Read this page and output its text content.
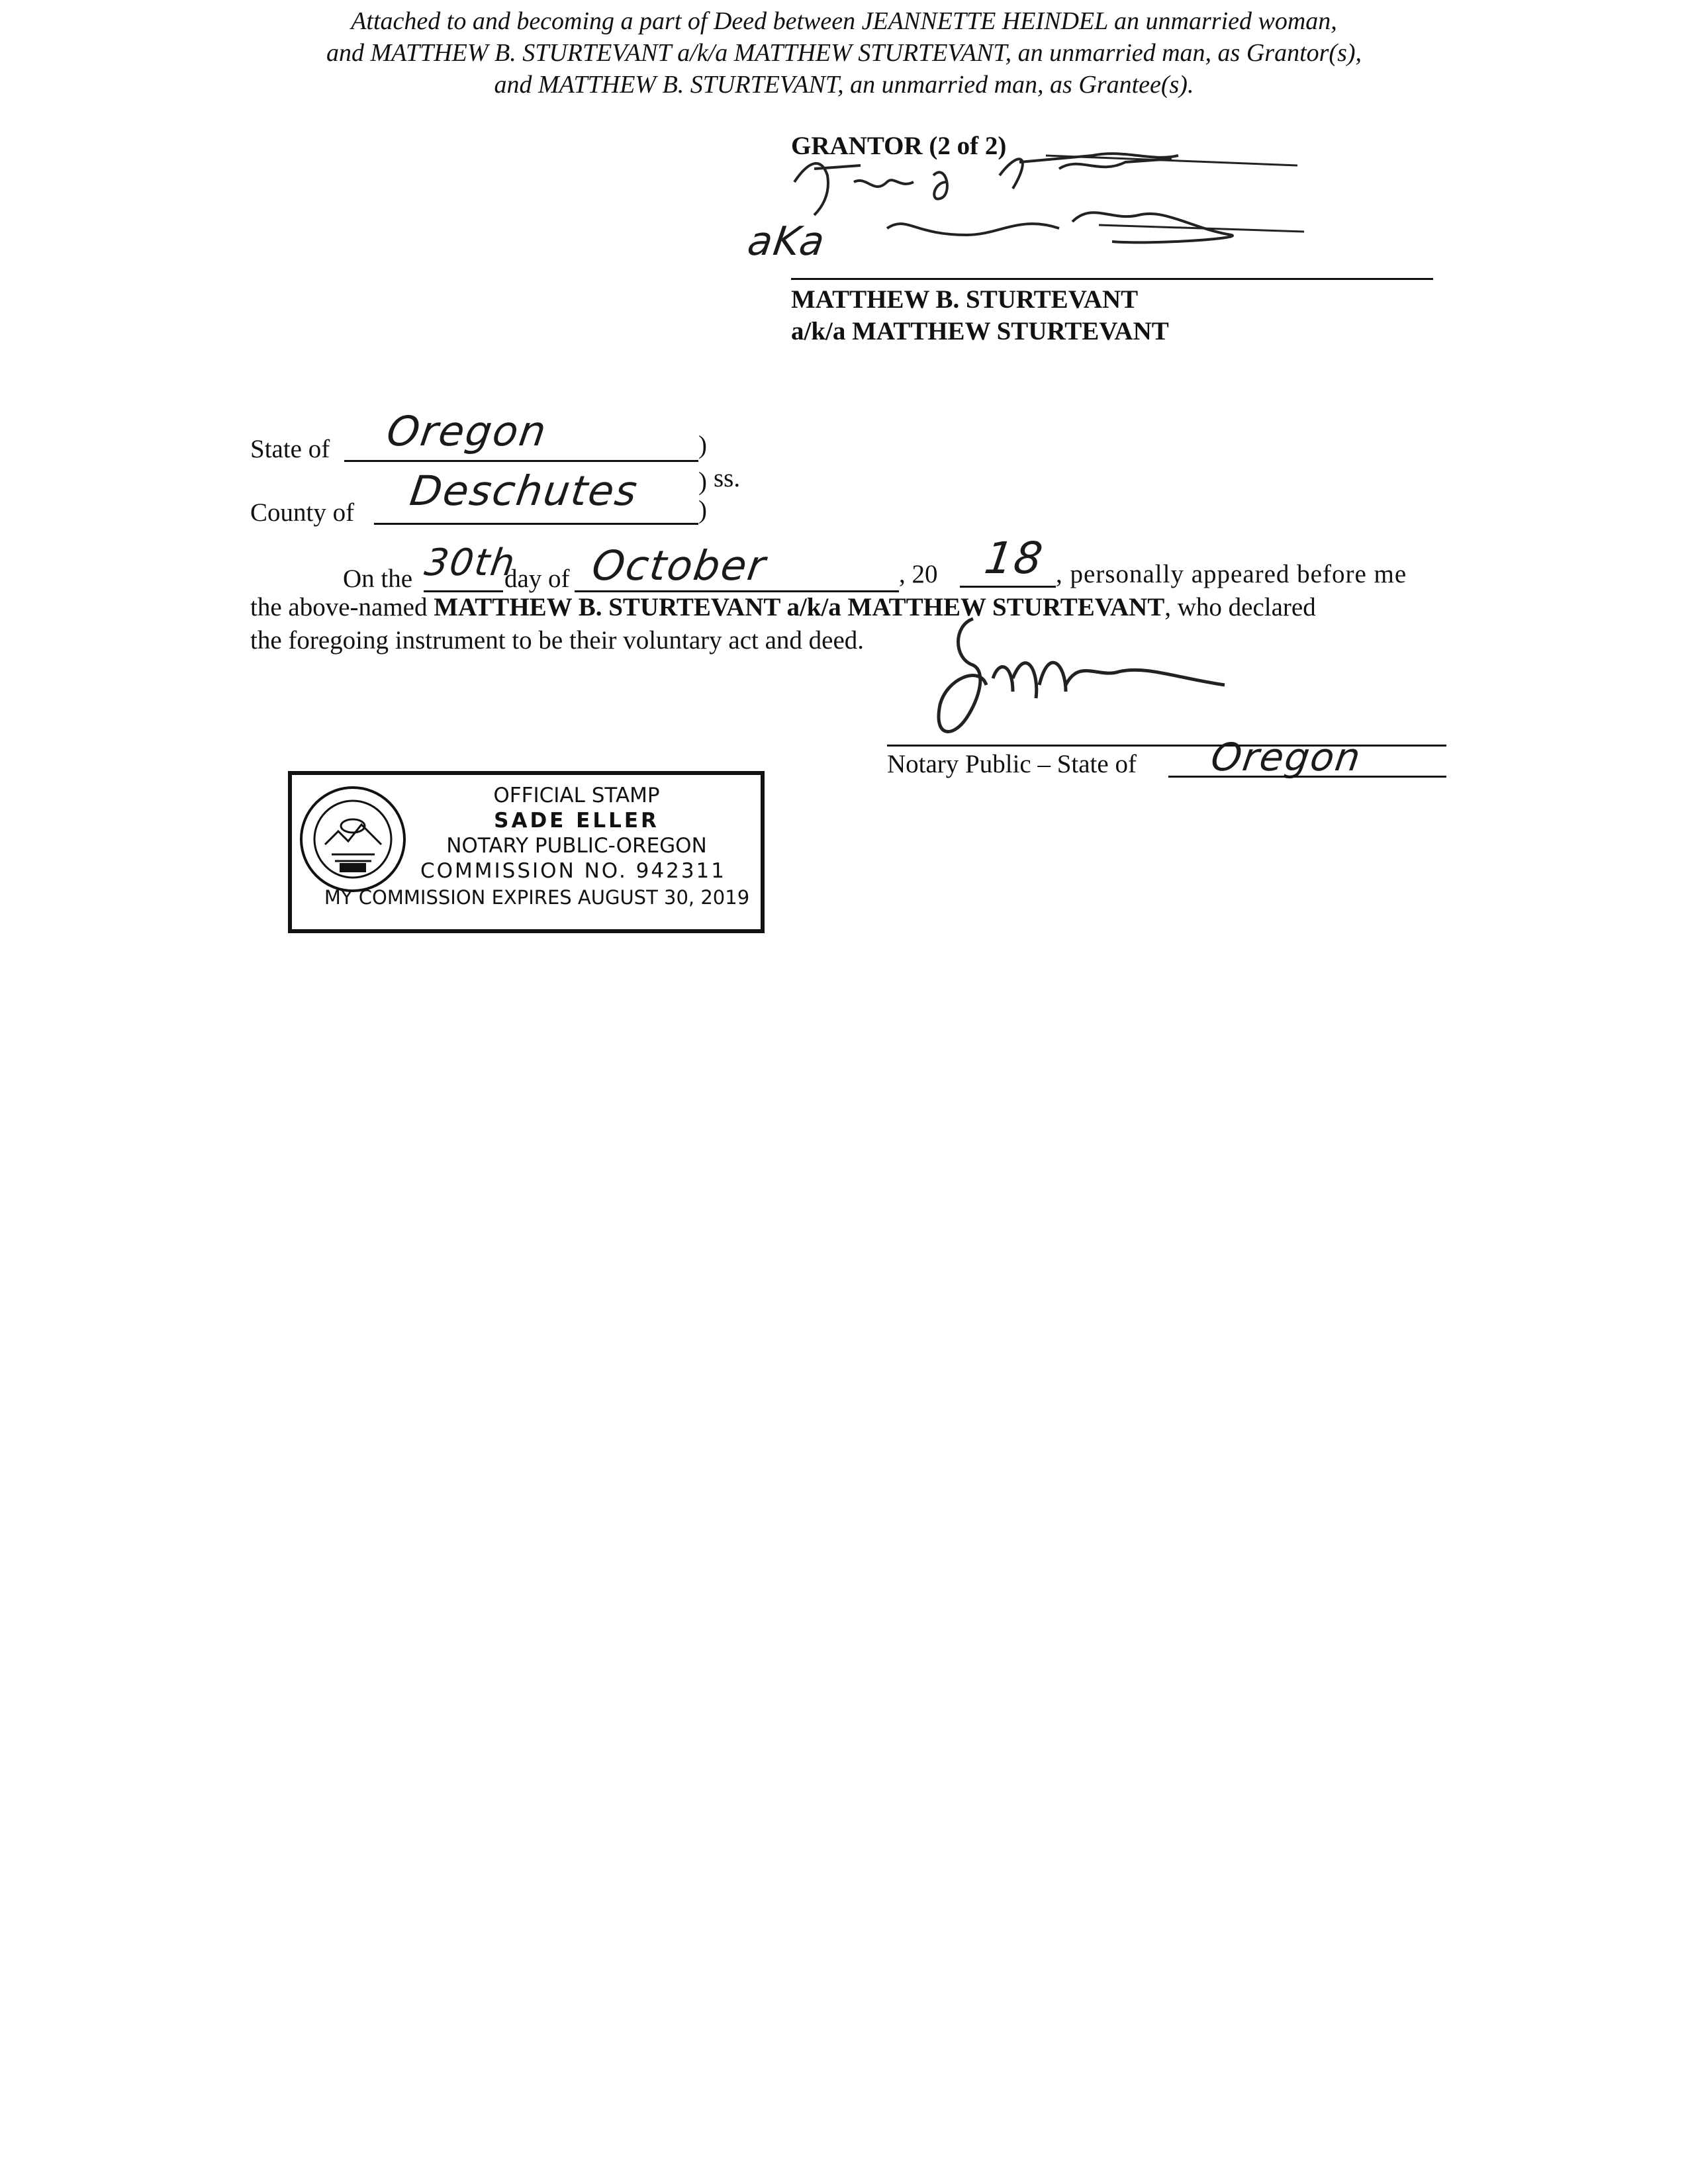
Attached to and becoming a part of Deed between JEANNETTE HEINDEL an unmarried woman,
and MATTHEW B. STURTEVANT a/k/a MATTHEW STURTEVANT, an unmarried man, as Grantor(s),
and MATTHEW B. STURTEVANT, an unmarried man, as Grantee(s).
GRANTOR (2 of 2)
aKa
MATTHEW B. STURTEVANT
a/k/a MATTHEW STURTEVANT
State of Oregon	)
ss.
County of Deschutes )
)
On the 30th
day of October	, 20 18 , personally appeared before me
the above-named MATTHEW B. STURTEVANT a/k/a MATTHEW STURTEVANT, who declared
the foregoing instrument to be their voluntary act and deed.
Notary Public – State of Oregon
OFFICIAL STAMP
SADE ELLER
NOTARY PUBLIC-OREGON
COMMISSION NO. 942311
MY COMMISSION EXPIRES AUGUST 30, 2019
